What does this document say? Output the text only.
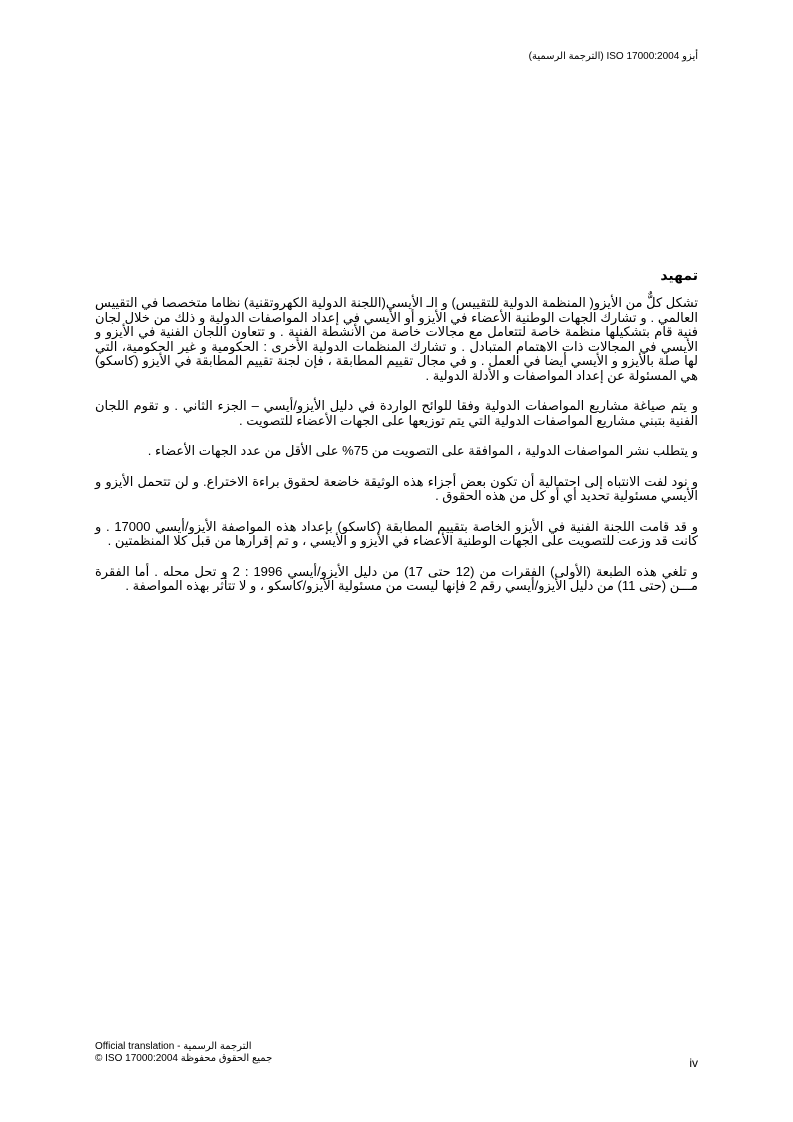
أيزو ISO 17000:2004 (الترجمة الرسمية)
تمهيد

تشكل كلٌّ من الأيزو( المنظمة الدولية للتقييس) و الـ الأيسي(اللجنة الدولية الكهروتقنية) نظاما متخصصا في التقييس العالمي . و تشارك الجهات الوطنية الأعضاء في الأيزو أو الأيسي في إعداد المواصفات الدولية و ذلك من خلال لجان فنية قام بتشكيلها منظمة خاصة لتتعامل مع مجالات خاصة من الأنشطة الفنية . و تتعاون اللجان الفنية في الأيزو و الأيسي في المجالات ذات الاهتمام المتبادل . و تشارك المنظمات الدولية الأخرى : الحكومية و غير الحكومية، التي لها صلة بالأيزو و الأيسي أيضا في العمل . و في مجال تقييم المطابقة ، فإن لجنة تقييم المطابقة في الأيزو (كاسكو) هي المسئولة عن إعداد المواصفات و الأدلة الدولية .

و يتم صياغة مشاريع المواصفات الدولية وفقا للوائح الواردة في دليل الأيزو/أيسي – الجزء الثاني . و تقوم اللجان الفنية بتبني مشاريع المواصفات الدولية التي يتم توزيعها على الجهات الأعضاء للتصويت .

و يتطلب نشر المواصفات الدولية ، الموافقة على التصويت من 75% على الأقل من عدد الجهات الأعضاء .

و نود لفت الانتباه إلى احتمالية أن تكون بعض أجزاء هذه الوثيقة خاضعة لحقوق براءة الاختراع. و لن تتحمل الأيزو و الأيسي مسئولية تحديد أي أو كل من هذه الحقوق .

و قد قامت اللجنة الفنية في الأيزو الخاصة بتقييم المطابقة (كاسكو) بإعداد هذه المواصفة الأيزو/أيسي 17000 . و كانت قد وزعت للتصويت على الجهات الوطنية الأعضاء في الأيزو و الأيسي ، و تم إقرارها من قبل كلا المنظمتين .

و تلغي هذه الطبعة (الأولى) الفقرات من (12 حتى 17) من دليل الأيزو/أيسي 1996 : 2 و تحل محله . أما الفقرة مـــن (حتى 11) من دليل الأيزو/أيسي رقم 2 فإنها ليست من مسئولية الأيزو/كاسكو ، و لا تتأثر بهذه المواصفة .

Official translation - الترجمة الرسمية
© ISO 17000:2004 جميع الحقوق محفوظة	iv
